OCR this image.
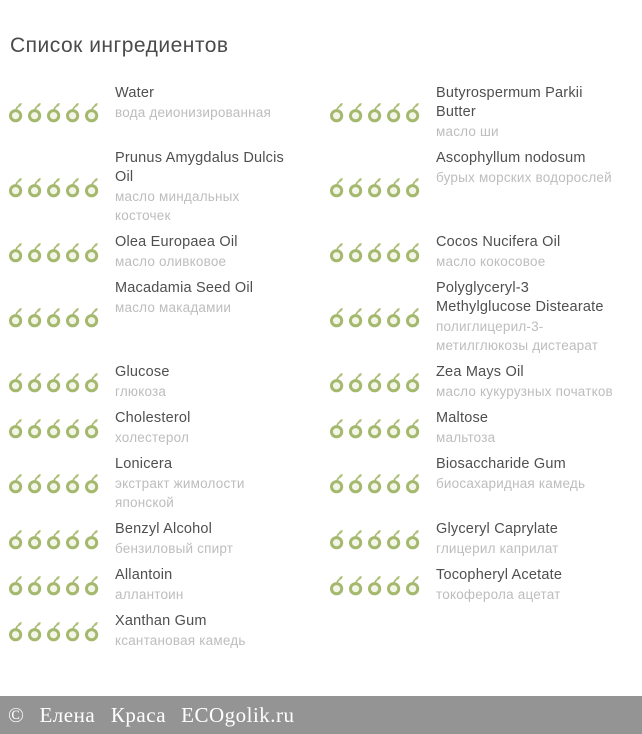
Список ингредиентов
Water
вода деионизированная
Butyrospermum Parkii Butter
масло ши
Prunus Amygdalus Dulcis Oil
масло миндальных косточек
Ascophyllum nodosum
бурых морских водорослей
Olea Europaea Oil
масло оливковое
Cocos Nucifera Oil
масло кокосовое
Macadamia Seed Oil
масло макадамии
Polyglyceryl-3 Methylglucose Distearate
полиглицерил-3-метилглюкозы дистеарат
Glucose
глюкоза
Zea Mays Oil
масло кукурузных початков
Cholesterol
холестерол
Maltose
мальтоза
Lonicera
экстракт жимолости японской
Biosaccharide Gum
биосахаридная камедь
Benzyl Alcohol
бензиловый спирт
Glyceryl Caprylate
глицерил каприлат
Allantoin
аллантоин
Tocopheryl Acetate
токоферола ацетат
Xanthan Gum
ксантановая камедь
© Елена Краса ECOgolik.ru
